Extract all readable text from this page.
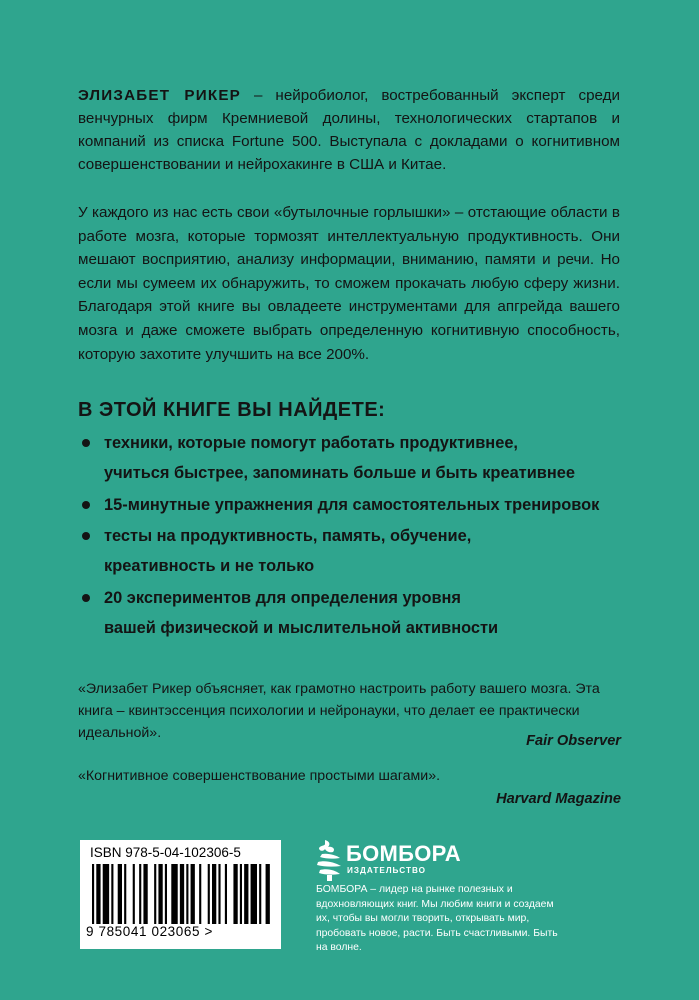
ЭЛИЗАБЕТ РИКЕР – нейробиолог, востребованный эксперт среди венчурных фирм Кремниевой долины, технологических стартапов и компаний из списка Fortune 500. Выступала с докладами о когнитивном совершенствовании и нейрохакинге в США и Китае.

У каждого из нас есть свои «бутылочные горлышки» – отстающие области в работе мозга, которые тормозят интеллектуальную продуктивность. Они мешают восприятию, анализу информации, вниманию, памяти и речи. Но если мы сумеем их обнаружить, то сможем прокачать любую сферу жизни. Благодаря этой книге вы овладеете инструментами для апгрейда вашего мозга и даже сможете выбрать определенную когнитивную способность, которую захотите улучшить на все 200%.

В ЭТОЙ КНИГЕ ВЫ НАЙДЕТЕ:
техники, которые помогут работать продуктивнее,
учиться быстрее, запоминать больше и быть креативнее
15-минутные упражнения для самостоятельных тренировок
тесты на продуктивность, память, обучение,
креативность и не только
20 экспериментов для определения уровня
вашей физической и мыслительной активности
«Элизабет Рикер объясняет, как грамотно настроить работу вашего мозга. Эта книга – квинтэссенция психологии и нейронауки, что делает ее практически идеальной».	Fair Observer
«Когнитивное совершенствование простыми шагами».
Harvard Magazine
ISBN 978-5-04-102306-5
9 785041 023065 >
БОМБОРА
ИЗДАТЕЛЬСТВО
БОМБОРА – лидер на рынке полезных и вдохновляющих книг. Мы любим книги и создаем их, чтобы вы могли творить, открывать мир, пробовать новое, расти. Быть счастливыми. Быть на волне.
